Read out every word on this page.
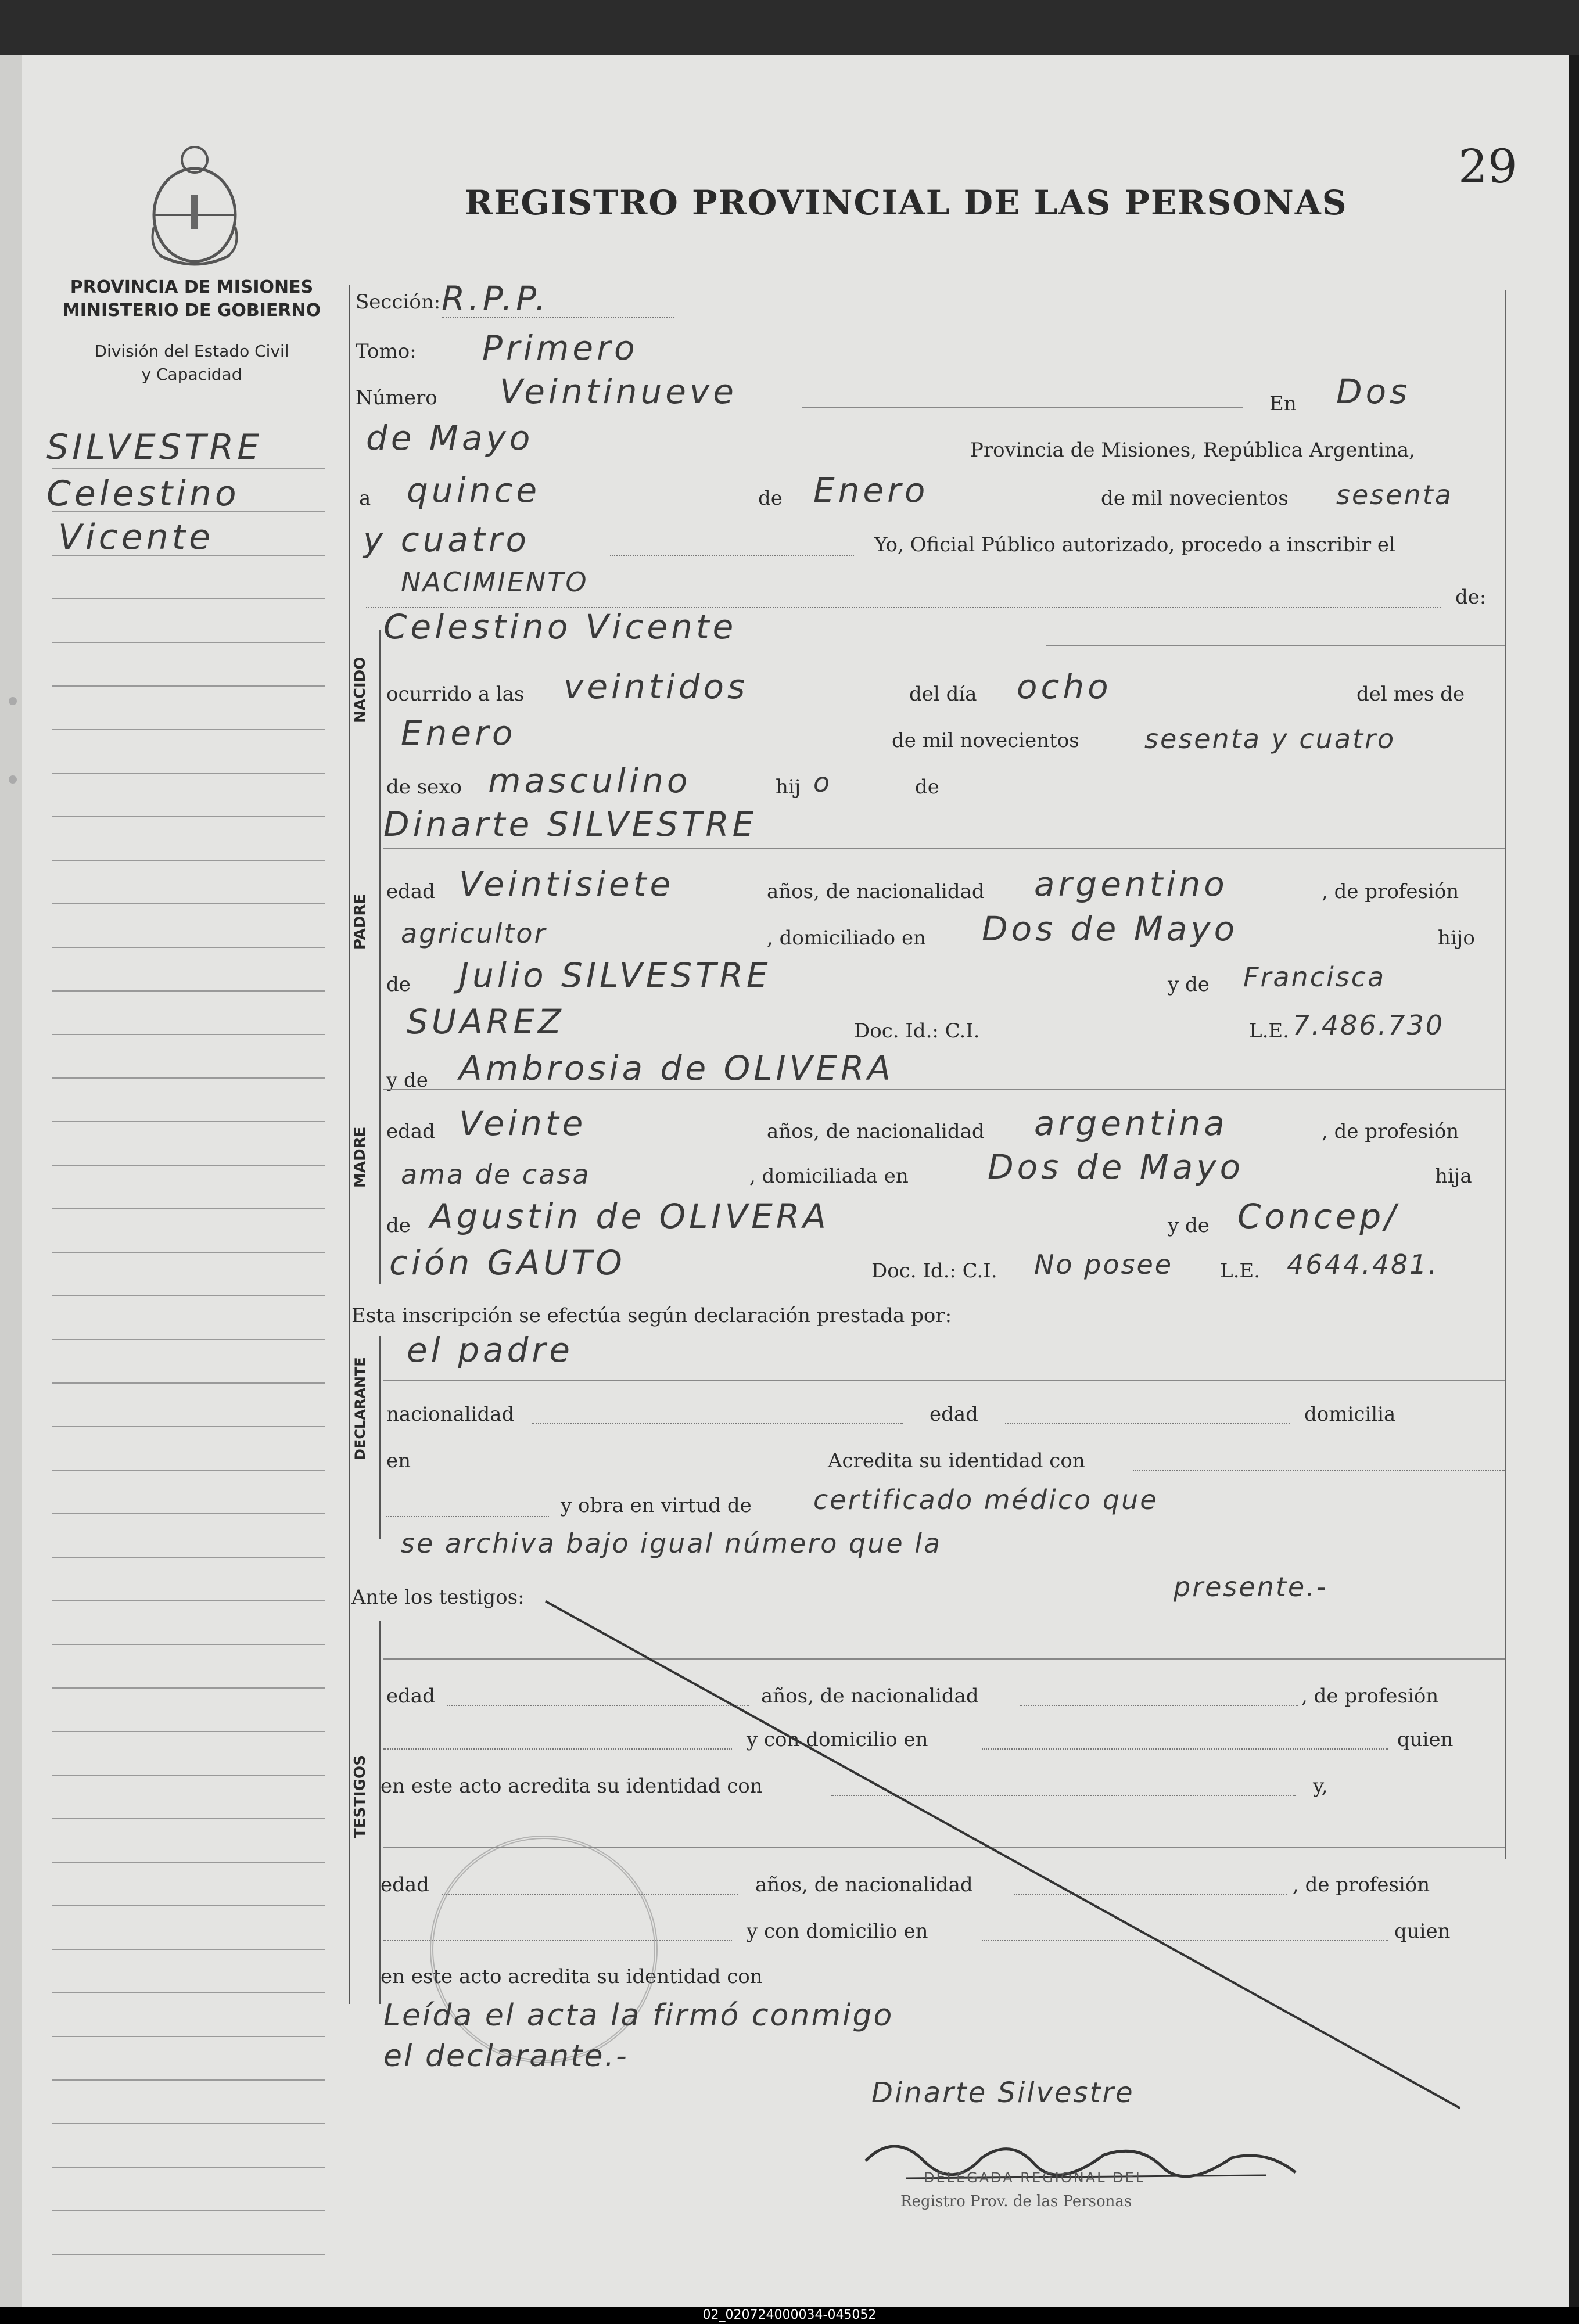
29
REGISTRO PROVINCIAL DE LAS PERSONAS
PROVINCIA DE MISIONES
MINISTERIO DE GOBIERNO
División del Estado Civil
y Capacidad
SILVESTRE
Celestino
Vicente
Sección: R.P.P.
Tomo: Primero
Número Veintinueve	En Dos
de Mayo	Provincia de Misiones, República Argentina,
a quince	de Enero	de mil novecientos sesenta
y cuatro	Yo, Oficial Público autorizado, procedo a inscribir el
NACIMIENTO	de:
Celestino Vicente
ocurrido a las veintidos	del día ocho	del mes de
Enero	de mil novecientos sesenta y cuatro
de sexo masculino	hij o	de
Dinarte SILVESTRE
edad Veintisiete	años, de nacionalidad argentino	, de profesión
agricultor	, domiciliado en Dos de Mayo	hijo
de Julio SILVESTRE	y de Francisca
SUAREZ	Doc. Id.: C.I.	L.E. 7.486.730
y de Ambrosia de OLIVERA
edad Veinte	años, de nacionalidad argentina	, de profesión
ama de casa	, domiciliada en Dos de Mayo	hija
de Agustin de OLIVERA	y de Concep/
ción GAUTO	Doc. Id.: C.I. No posee L.E. 4644.481.
Esta inscripción se efectúa según declaración prestada por:
el padre
nacionalidad	edad	domicilia
en	Acredita su identidad con
y obra en virtud de certificado médico que
se archiva bajo igual número que la
presente.-
Ante los testigos:
edad	años, de nacionalidad	, de profesión
y con domicilio en	quien
en este acto acredita su identidad con	y,
edad	años, de nacionalidad	, de profesión
y con domicilio en	quien
en este acto acredita su identidad con
Leída el acta la firmó conmigo
el declarante.-
Dinarte Silvestre
DELEGADA REGIONAL DEL
Registro Prov. de las Personas
02_020724000034-045052
